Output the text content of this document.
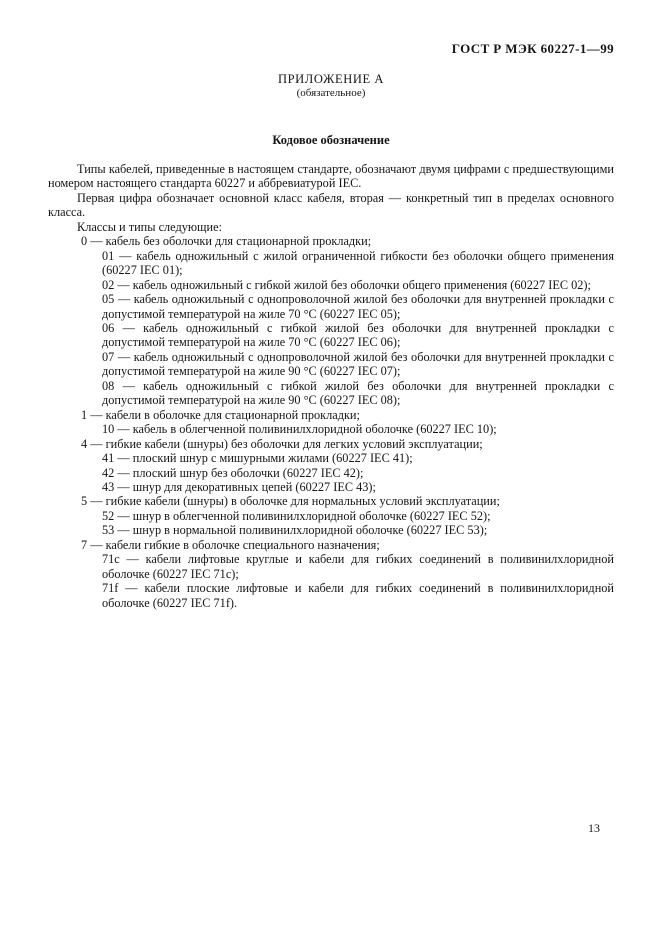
ГОСТ Р МЭК 60227-1—99
ПРИЛОЖЕНИЕ А
(обязательное)
Кодовое обозначение
Типы кабелей, приведенные в настоящем стандарте, обозначают двумя цифрами с предшествующими номером настоящего стандарта 60227 и аббревиатурой IEC.
Первая цифра обозначает основной класс кабеля, вторая — конкретный тип в пределах основного класса.
Классы и типы следующие:
0 — кабель без оболочки для стационарной прокладки;
01 — кабель одножильный с жилой ограниченной гибкости без оболочки общего применения (60227 IEC 01);
02 — кабель одножильный с гибкой жилой без оболочки общего применения (60227 IEC 02);
05 — кабель одножильный с однопроволочной жилой без оболочки для внутренней прокладки с допустимой температурой на жиле 70 °С (60227 IEC 05);
06 — кабель одножильный с гибкой жилой без оболочки для внутренней прокладки с допустимой температурой на жиле 70 °С (60227 IEC 06);
07 — кабель одножильный с однопроволочной жилой без оболочки для внутренней прокладки с допустимой температурой на жиле 90 °С (60227 IEC 07);
08 — кабель одножильный с гибкой жилой без оболочки для внутренней прокладки с допустимой температурой на жиле 90 °С (60227 IEC 08);
1 — кабели в оболочке для стационарной прокладки;
10 — кабель в облегченной поливинилхлоридной оболочке (60227 IEC 10);
4 — гибкие кабели (шнуры) без оболочки для легких условий эксплуатации;
41 — плоский шнур с мишурными жилами (60227 IEC 41);
42 — плоский шнур без оболочки (60227 IEC 42);
43 — шнур для декоративных цепей (60227 IEC 43);
5 — гибкие кабели (шнуры) в оболочке для нормальных условий эксплуатации;
52 — шнур в облегченной поливинилхлоридной оболочке (60227 IEC 52);
53 — шнур в нормальной поливинилхлоридной оболочке (60227 IEC 53);
7 — кабели гибкие в оболочке специального назначения;
71c — кабели лифтовые круглые и кабели для гибких соединений в поливинилхлоридной оболочке (60227 IEC 71c);
71f — кабели плоские лифтовые и кабели для гибких соединений в поливинилхлоридной оболочке (60227 IEC 71f).
13
